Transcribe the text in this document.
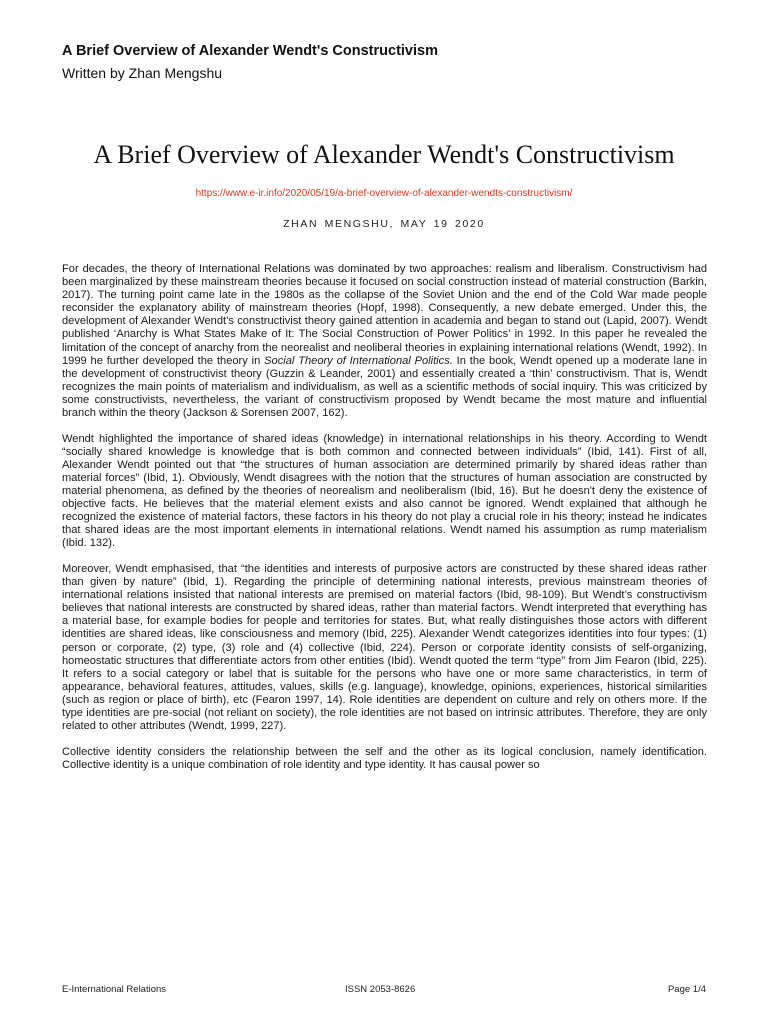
A Brief Overview of Alexander Wendt's Constructivism
Written by Zhan Mengshu
A Brief Overview of Alexander Wendt's Constructivism
https://www.e-ir.info/2020/05/19/a-brief-overview-of-alexander-wendts-constructivism/
ZHAN MENGSHU, MAY 19 2020

For decades, the theory of International Relations was dominated by two approaches: realism and liberalism. Constructivism had been marginalized by these mainstream theories because it focused on social construction instead of material construction (Barkin, 2017). The turning point came late in the 1980s as the collapse of the Soviet Union and the end of the Cold War made people reconsider the explanatory ability of mainstream theories (Hopf, 1998). Consequently, a new debate emerged. Under this, the development of Alexander Wendt’s constructivist theory gained attention in academia and began to stand out (Lapid, 2007). Wendt published ‘Anarchy is What States Make of It: The Social Construction of Power Politics’ in 1992. In this paper he revealed the limitation of the concept of anarchy from the neorealist and neoliberal theories in explaining international relations (Wendt, 1992). In 1999 he further developed the theory in Social Theory of International Politics. In the book, Wendt opened up a moderate lane in the development of constructivist theory (Guzzin & Leander, 2001) and essentially created a ‘thin’ constructivism. That is, Wendt recognizes the main points of materialism and individualism, as well as a scientific methods of social inquiry. This was criticized by some constructivists, nevertheless, the variant of constructivism proposed by Wendt became the most mature and influential branch within the theory (Jackson & Sorensen 2007, 162).

Wendt highlighted the importance of shared ideas (knowledge) in international relationships in his theory. According to Wendt “socially shared knowledge is knowledge that is both common and connected between individuals” (Ibid, 141). First of all, Alexander Wendt pointed out that “the structures of human association are determined primarily by shared ideas rather than material forces” (Ibid, 1). Obviously, Wendt disagrees with the notion that the structures of human association are constructed by material phenomena, as defined by the theories of neorealism and neoliberalism (Ibid, 16). But he doesn't deny the existence of objective facts. He believes that the material element exists and also cannot be ignored. Wendt explained that although he recognized the existence of material factors, these factors in his theory do not play a crucial role in his theory; instead he indicates that shared ideas are the most important elements in international relations. Wendt named his assumption as rump materialism (Ibid. 132).

Moreover, Wendt emphasised, that “the identities and interests of purposive actors are constructed by these shared ideas rather than given by nature” (Ibid, 1). Regarding the principle of determining national interests, previous mainstream theories of international relations insisted that national interests are premised on material factors (Ibid, 98-109). But Wendt’s constructivism believes that national interests are constructed by shared ideas, rather than material factors. Wendt interpreted that everything has a material base, for example bodies for people and territories for states. But, what really distinguishes those actors with different identities are shared ideas, like consciousness and memory (Ibid, 225). Alexander Wendt categorizes identities into four types: (1) person or corporate, (2) type, (3) role and (4) collective (Ibid, 224). Person or corporate identity consists of self-organizing, homeostatic structures that differentiate actors from other entities (Ibid). Wendt quoted the term “type” from Jim Fearon (Ibid, 225). It refers to a social category or label that is suitable for the persons who have one or more same characteristics, in term of appearance, behavioral features, attitudes, values, skills (e.g. language), knowledge, opinions, experiences, historical similarities (such as region or place of birth), etc (Fearon 1997, 14). Role identities are dependent on culture and rely on others more. If the type identities are pre-social (not reliant on society), the role identities are not based on intrinsic attributes. Therefore, they are only related to other attributes (Wendt, 1999, 227).

Collective identity considers the relationship between the self and the other as its logical conclusion, namely identification. Collective identity is a unique combination of role identity and type identity. It has causal power so

E-International Relations	ISSN 2053-8626	Page 1/4
